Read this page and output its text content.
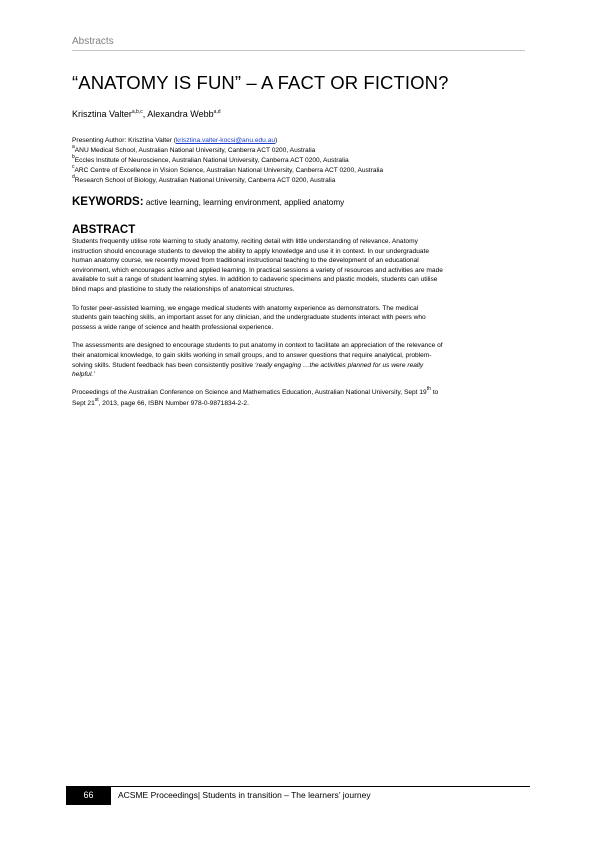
Abstracts
“ANATOMY IS FUN” – A FACT OR FICTION?
Krisztina Valter$^{a,b,c}$, Alexandra Webb$^{a,d}$
Presenting Author: Krisztina Valter (krisztina.valter-kocsi@anu.edu.au)
$^a$ANU Medical School, Australian National University, Canberra ACT 0200, Australia
$^b$Eccles Institute of Neuroscience, Australian National University, Canberra ACT 0200, Australia
$^c$ARC Centre of Excellence in Vision Science, Australian National University, Canberra ACT 0200, Australia
$^d$Research School of Biology, Australian National University, Canberra ACT 0200, Australia
KEYWORDS: active learning, learning environment, applied anatomy
ABSTRACT

Students frequently utilise rote learning to study anatomy, reciting detail with little understanding of relevance. Anatomy
instruction should encourage students to develop the ability to apply knowledge and use it in context. In our undergraduate
human anatomy course, we recently moved from traditional instructional teaching to the development of an educational
environment, which encourages active and applied learning. In practical sessions a variety of resources and activities are made
available to suit a range of student learning styles. In addition to cadaveric specimens and plastic models, students can utilise
blind maps and plasticine to study the relationships of anatomical structures.

To foster peer-assisted learning, we engage medical students with anatomy experience as demonstrators. The medical
students gain teaching skills, an important asset for any clinician, and the undergraduate students interact with peers who
possess a wide range of science and health professional experience.

The assessments are designed to encourage students to put anatomy in context to facilitate an appreciation of the relevance of
their anatomical knowledge, to gain skills working in small groups, and to answer questions that require analytical, problem-
solving skills. Student feedback has been consistently positive ‘really engaging …the activities planned for us were really
helpful.’

Proceedings of the Australian Conference on Science and Mathematics Education, Australian National University, Sept 19th to
Sept 21st, 2013, page 66, ISBN Number 978-0-9871834-2-2.
66	ACSME Proceedings| Students in transition – The learners’ journey
